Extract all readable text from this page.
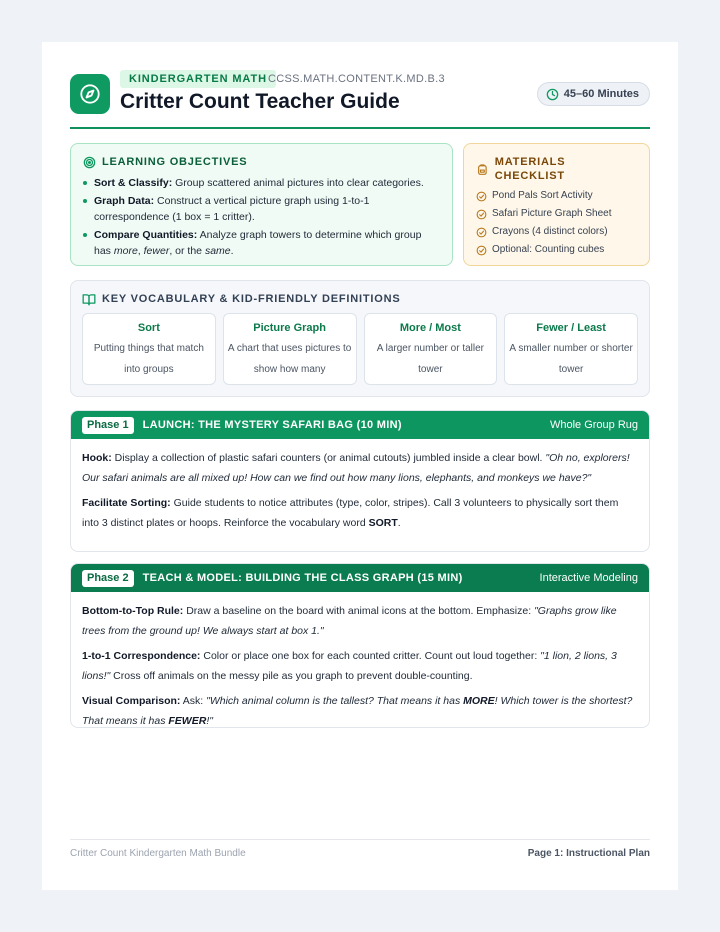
KINDERGARTEN MATH CCSS.MATH.CONTENT.K.MD.B.3
Critter Count Teacher Guide	45–60 Minutes
LEARNING OBJECTIVES
Sort & Classify: Group scattered animal pictures into clear categories.
Graph Data: Construct a vertical picture graph using 1-to-1 correspondence (1 box = 1 critter).
Compare Quantities: Analyze graph towers to determine which group has more, fewer, or the same.
MATERIALS CHECKLIST
Pond Pals Sort Activity
Safari Picture Graph Sheet
Crayons (4 distinct colors)
Optional: Counting cubes
KEY VOCABULARY & KID-FRIENDLY DEFINITIONS
Sort
Putting things that match into groups
Picture Graph
A chart that uses pictures to show how many
More / Most
A larger number or taller tower
Fewer / Least
A smaller number or shorter tower
Phase 1	LAUNCH: THE MYSTERY SAFARI BAG (10 MIN)	Whole Group Rug

Hook: Display a collection of plastic safari counters (or animal cutouts) jumbled inside a clear bowl. "Oh no, explorers! Our safari animals are all mixed up! How can we find out how many lions, elephants, and monkeys we have?"

Facilitate Sorting: Guide students to notice attributes (type, color, stripes). Call 3 volunteers to physically sort them into 3 distinct plates or hoops. Reinforce the vocabulary word SORT.

Phase 2	TEACH & MODEL: BUILDING THE CLASS GRAPH (15 MIN)	Interactive Modeling

Bottom-to-Top Rule: Draw a baseline on the board with animal icons at the bottom. Emphasize: "Graphs grow like trees from the ground up! We always start at box 1."

1-to-1 Correspondence: Color or place one box for each counted critter. Count out loud together: "1 lion, 2 lions, 3 lions!" Cross off animals on the messy pile as you graph to prevent double-counting.

Visual Comparison: Ask: "Which animal column is the tallest? That means it has MORE! Which tower is the shortest? That means it has FEWER!"

Critter Count Kindergarten Math Bundle	Page 1: Instructional Plan
